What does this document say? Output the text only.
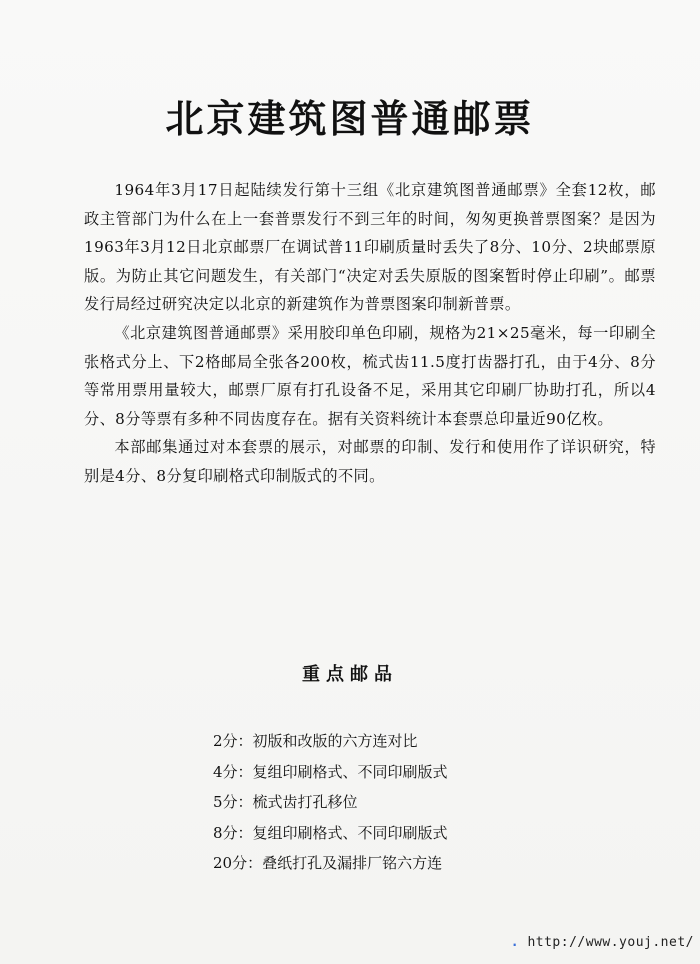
北京建筑图普通邮票

1964年3月17日起陆续发行第十三组《北京建筑图普通邮票》全套12枚，邮政主管部门为什么在上一套普票发行不到三年的时间，匆匆更换普票图案？是因为1963年3月12日北京邮票厂在调试普11印刷质量时丢失了8分、10分、2块邮票原版。为防止其它问题发生，有关部门“决定对丢失原版的图案暂时停止印刷”。邮票发行局经过研究决定以北京的新建筑作为普票图案印制新普票。

《北京建筑图普通邮票》采用胶印单色印刷，规格为21×25毫米，每一印刷全张格式分上、下2格邮局全张各200枚，梳式齿11.5度打齿器打孔，由于4分、8分等常用票用量较大，邮票厂原有打孔设备不足，采用其它印刷厂协助打孔，所以4分、8分等票有多种不同齿度存在。据有关资料统计本套票总印量近90亿枚。

本部邮集通过对本套票的展示，对邮票的印制、发行和使用作了详识研究，特别是4分、8分复印刷格式印制版式的不同。

重点邮品
2分：初版和改版的六方连对比
4分：复组印刷格式、不同印刷版式
5分：梳式齿打孔移位
8分：复组印刷格式、不同印刷版式
20分：叠纸打孔及漏排厂铭六方连
. http://www.youj.net/
